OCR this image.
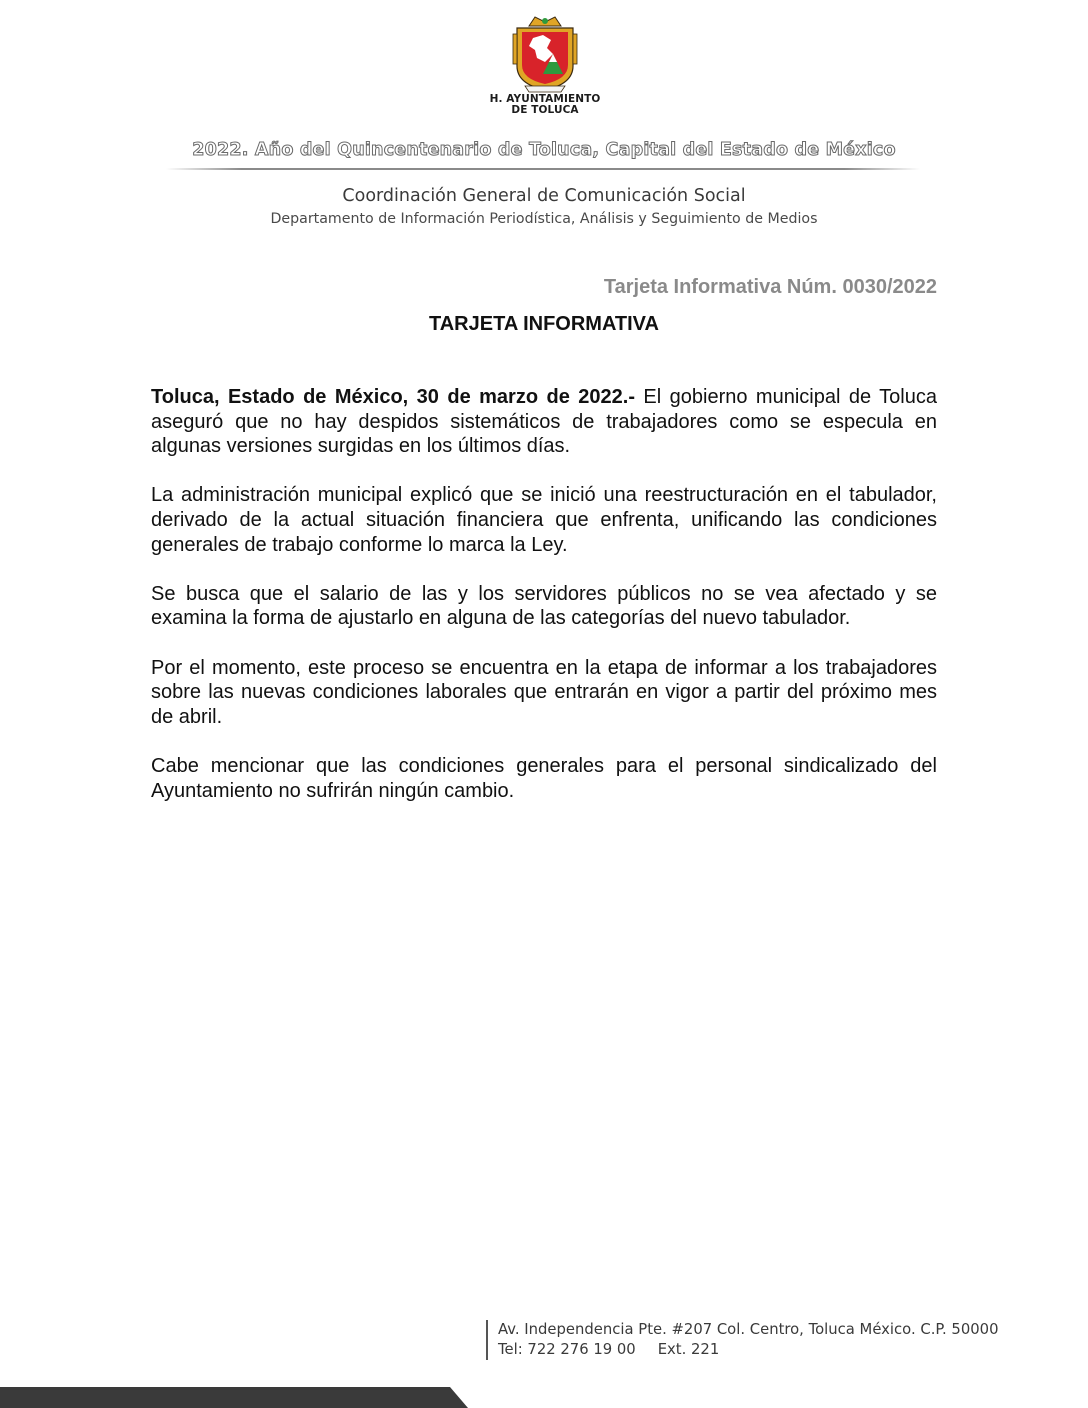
H. AYUNTAMIENTO
DE TOLUCA
2022. Año del Quincentenario de Toluca, Capital del Estado de México
Coordinación General de Comunicación Social
Departamento de Información Periodística, Análisis y Seguimiento de Medios
Tarjeta Informativa Núm. 0030/2022
TARJETA INFORMATIVA

Toluca, Estado de México, 30 de marzo de 2022.- El gobierno municipal de Toluca aseguró que no hay despidos sistemáticos de trabajadores como se especula en algunas versiones surgidas en los últimos días.

La administración municipal explicó que se inició una reestructuración en el tabulador, derivado de la actual situación financiera que enfrenta, unificando las condiciones generales de trabajo conforme lo marca la Ley.

Se busca que el salario de las y los servidores públicos no se vea afectado y se examina la forma de ajustarlo en alguna de las categorías del nuevo tabulador.

Por el momento, este proceso se encuentra en la etapa de informar a los trabajadores sobre las nuevas condiciones laborales que entrarán en vigor a partir del próximo mes de abril.

Cabe mencionar que las condiciones generales para el personal sindicalizado del Ayuntamiento no sufrirán ningún cambio.

Av. Independencia Pte. #207 Col. Centro, Toluca México. C.P. 50000
Tel: 722 276 19 00 Ext. 221
